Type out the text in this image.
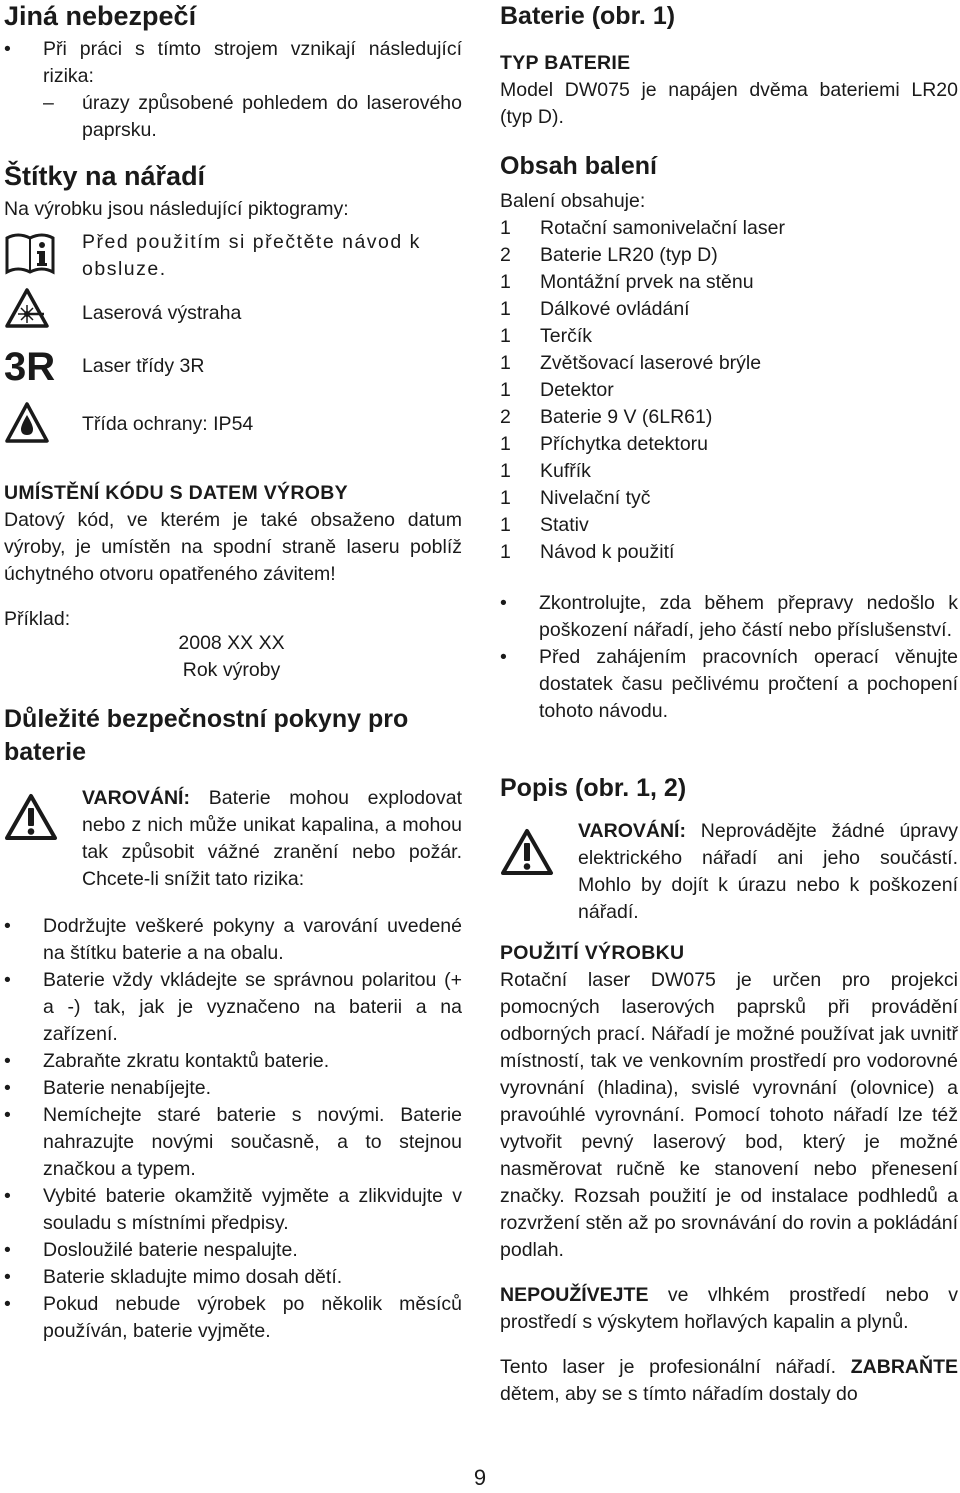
Jiná nebezpečí
• Při práci s tímto strojem vznikají následující rizika:
– úrazy způsobené pohledem do laserového paprsku.
Štítky na nářadí

Na výrobku jsou následující piktogramy:

Před použitím si přečtěte návod k obsluze.
Laserová výstraha
3R Laser třídy 3R
Třída ochrany: IP54
UMÍSTĚNÍ KÓDU S DATEM VÝROBY

Datový kód, ve kterém je také obsaženo datum výroby, je umístěn na spodní straně laseru poblíž úchytného otvoru opatřeného závitem!

Příklad:

2008 XX XX

Rok výroby

Důležité bezpečnostní pokyny pro baterie
VAROVÁNÍ: Baterie mohou explodovat nebo z nich může unikat kapalina, a mohou tak způsobit vážné zranění nebo požár. Chcete-li snížit tato rizika:
• Dodržujte veškeré pokyny a varování uvedené na štítku baterie a na obalu.
• Baterie vždy vkládejte se správnou polaritou (+ a -) tak, jak je vyznačeno na baterii a na zařízení.
• Zabraňte zkratu kontaktů baterie.
• Baterie nenabíjejte.
• Nemíchejte staré baterie s novými. Baterie nahrazujte novými současně, a to stejnou značkou a typem.
• Vybité baterie okamžitě vyjměte a zlikvidujte v souladu s místními předpisy.
• Dosloužilé baterie nespalujte.
• Baterie skladujte mimo dosah dětí.
• Pokud nebude výrobek po několik měsíců používán, baterie vyjměte.
Baterie (obr. 1)
TYP BATERIE

Model DW075 je napájen dvěma bateriemi LR20 (typ D).

Obsah balení

Balení obsahuje:

1 Rotační samonivelační laser
2 Baterie LR20 (typ D)
1 Montážní prvek na stěnu
1 Dálkové ovládání
1 Terčík
1 Zvětšovací laserové brýle
1 Detektor
2 Baterie 9 V (6LR61)
1 Příchytka detektoru
1 Kufřík
1 Nivelační tyč
1 Stativ
1 Návod k použití
• Zkontrolujte, zda během přepravy nedošlo k poškození nářadí, jeho částí nebo příslušenství.
• Před zahájením pracovních operací věnujte dostatek času pečlivému pročtení a pochopení tohoto návodu.
Popis (obr. 1, 2)
VAROVÁNÍ: Neprovádějte žádné úpravy elektrického nářadí ani jeho součástí. Mohlo by dojít k úrazu nebo k poškození nářadí.
POUŽITÍ VÝROBKU

Rotační laser DW075 je určen pro projekci pomocných laserových paprsků při provádění odborných prací. Nářadí je možné používat jak uvnitř místností, tak ve venkovním prostředí pro vodorovné vyrovnání (hladina), svislé vyrovnání (olovnice) a pravoúhlé vyrovnání. Pomocí tohoto nářadí lze též vytvořit pevný laserový bod, který je možné nasměrovat ručně ke stanovení nebo přenesení značky. Rozsah použití je od instalace podhledů a rozvržení stěn až po srovnávání do rovin a pokládání podlah.

NEPOUŽÍVEJTE ve vlhkém prostředí nebo v prostředí s výskytem hořlavých kapalin a plynů.

Tento laser je profesionální nářadí. ZABRAŇTE dětem, aby se s tímto nářadím dostaly do

9
